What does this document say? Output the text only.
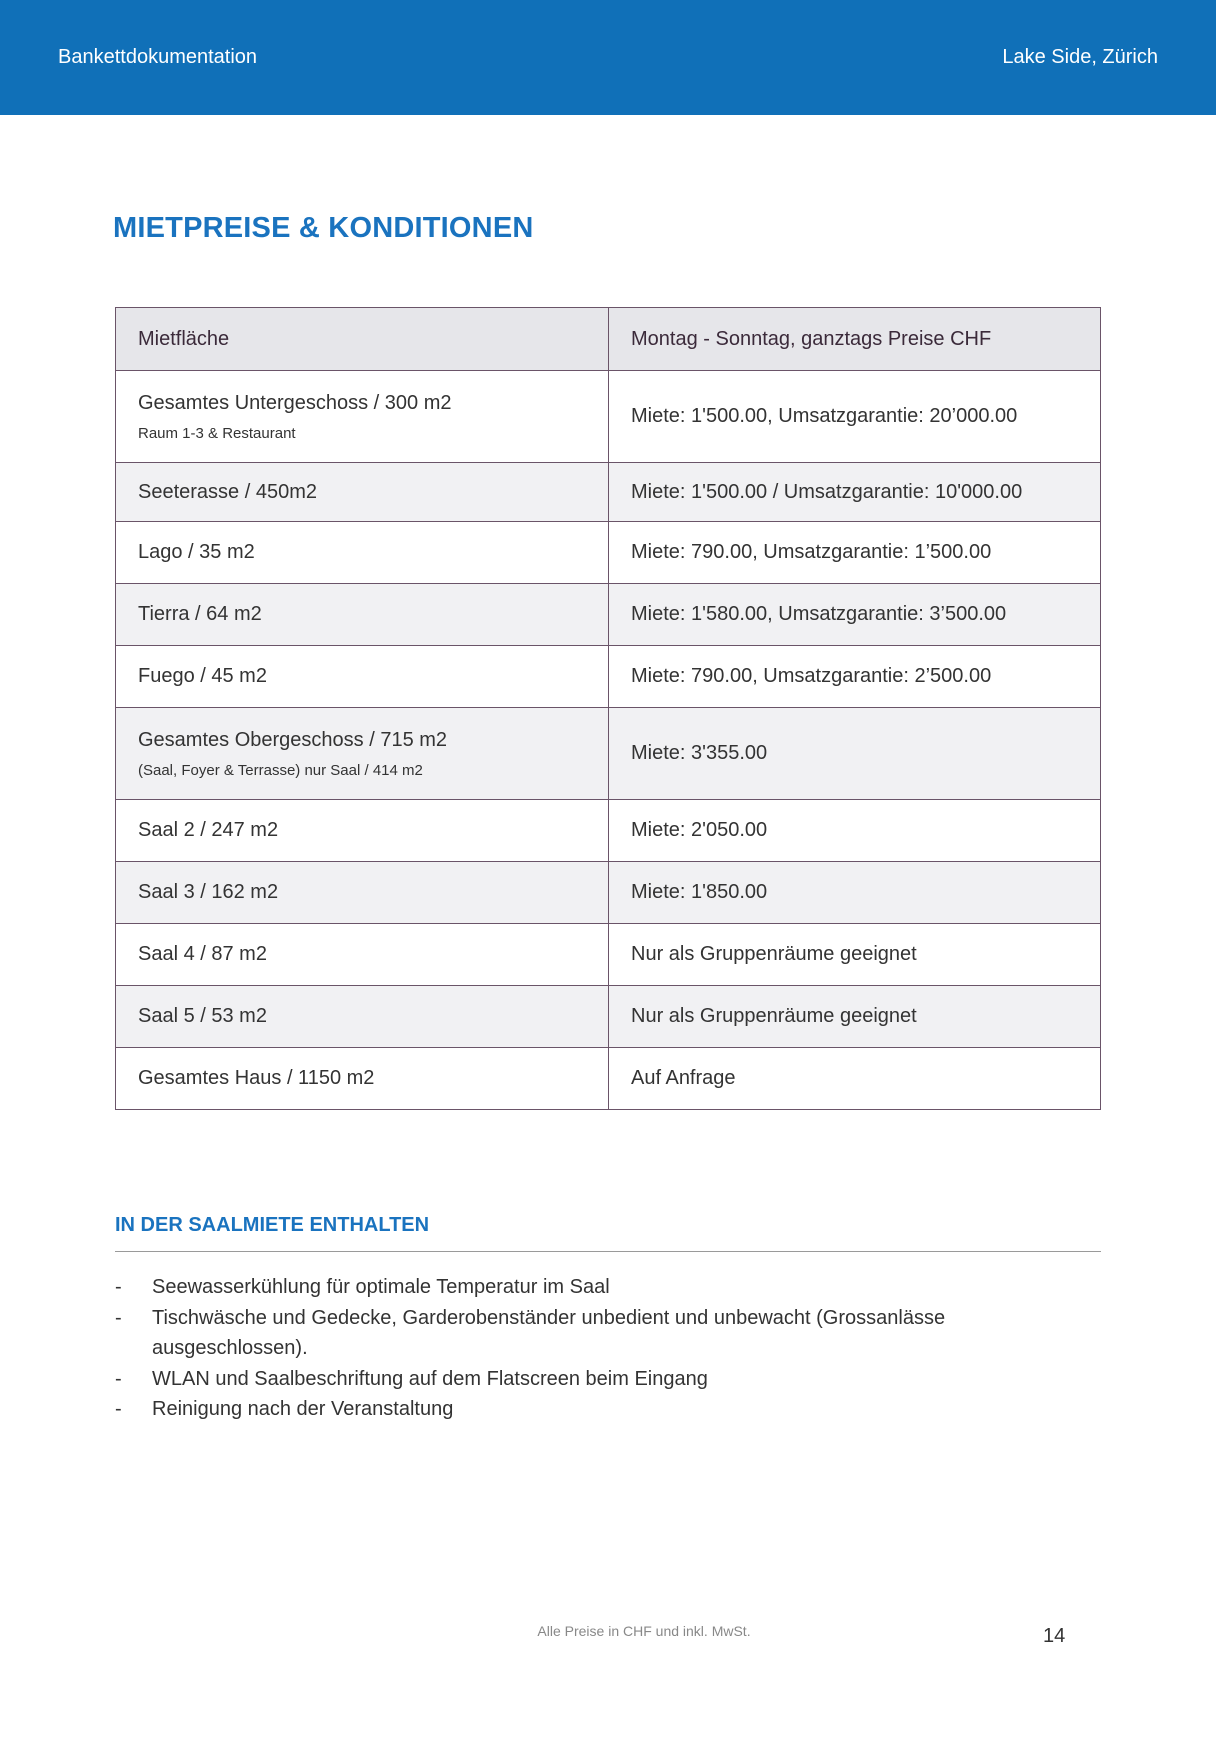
Bankettdokumentation	Lake Side, Zürich
MIETPREISE & KONDITIONEN
Mietfläche	Montag - Sonntag, ganztags Preise CHF
Gesamtes Untergeschoss / 300 m2
Raum 1-3 & Restaurant	Miete: 1'500.00, Umsatzgarantie: 20’000.00
Seeterasse / 450m2	Miete: 1'500.00 / Umsatzgarantie: 10'000.00
Lago / 35 m2	Miete: 790.00, Umsatzgarantie: 1’500.00
Tierra / 64 m2	Miete: 1'580.00, Umsatzgarantie: 3’500.00
Fuego / 45 m2	Miete: 790.00, Umsatzgarantie: 2’500.00
Gesamtes Obergeschoss / 715 m2
(Saal, Foyer & Terrasse) nur Saal / 414 m2	Miete: 3'355.00
Saal 2 / 247 m2	Miete: 2'050.00
Saal 3 / 162 m2	Miete: 1'850.00
Saal 4 / 87 m2	Nur als Gruppenräume geeignet
Saal 5 / 53 m2	Nur als Gruppenräume geeignet
Gesamtes Haus / 1150 m2	Auf Anfrage
IN DER SAALMIETE ENTHALTEN
- Seewasserkühlung für optimale Temperatur im Saal
- Tischwäsche und Gedecke, Garderobenständer unbedient und unbewacht (Grossanlässe ausgeschlossen).
- WLAN und Saalbeschriftung auf dem Flatscreen beim Eingang
- Reinigung nach der Veranstaltung
Alle Preise in CHF und inkl. MwSt.	14
